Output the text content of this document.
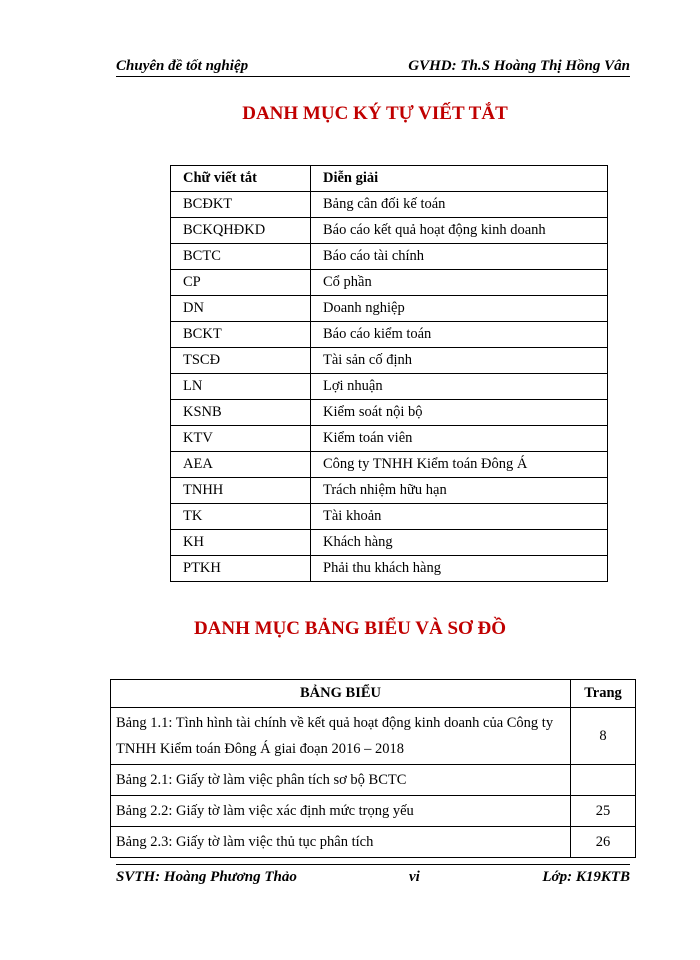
Chuyên đề tốt nghiệp	GVHD: Th.S Hoàng Thị Hồng Vân
DANH MỤC KÝ TỰ VIẾT TẮT
Chữ viết tắt	Diễn giải
BCĐKT	Bảng cân đối kế toán
BCKQHĐKD	Báo cáo kết quả hoạt động kinh doanh
BCTC	Báo cáo tài chính
CP	Cổ phần
DN	Doanh nghiệp
BCKT	Báo cáo kiểm toán
TSCĐ	Tài sản cố định
LN	Lợi nhuận
KSNB	Kiểm soát nội bộ
KTV	Kiểm toán viên
AEA	Công ty TNHH Kiểm toán Đông Á
TNHH	Trách nhiệm hữu hạn
TK	Tài khoản
KH	Khách hàng
PTKH	Phải thu khách hàng
DANH MỤC BẢNG BIỂU VÀ SƠ ĐỒ
BẢNG BIỂU	Trang
Bảng 1.1: Tình hình tài chính về kết quả hoạt động kinh doanh của Công ty TNHH Kiểm toán Đông Á giai đoạn 2016 – 2018	8
Bảng 2.1: Giấy tờ làm việc phân tích sơ bộ BCTC	
Bảng 2.2: Giấy tờ làm việc xác định mức trọng yếu	25
Bảng 2.3: Giấy tờ làm việc thủ tục phân tích	26
SVTH: Hoàng Phương Thảo	vi	Lớp: K19KTB
